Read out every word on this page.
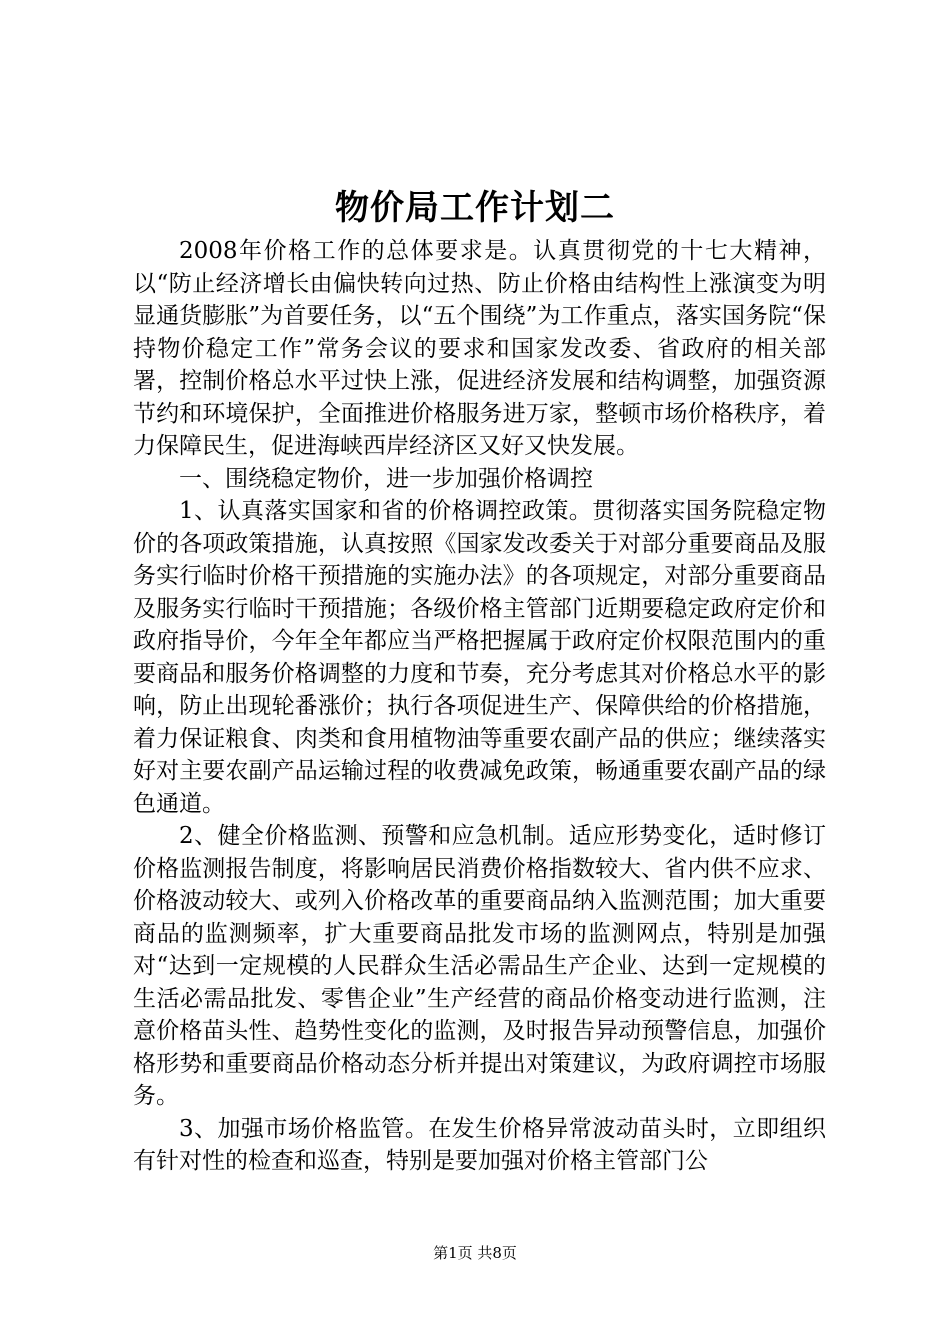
物价局工作计划二

2008年价格工作的总体要求是。认真贯彻党的十七大精神，以“防止经济增长由偏快转向过热、防止价格由结构性上涨演变为明显通货膨胀”为首要任务，以“五个围绕”为工作重点，落实国务院“保持物价稳定工作”常务会议的要求和国家发改委、省政府的相关部署，控制价格总水平过快上涨，促进经济发展和结构调整，加强资源节约和环境保护，全面推进价格服务进万家，整顿市场价格秩序，着力保障民生，促进海峡西岸经济区又好又快发展。

一、围绕稳定物价，进一步加强价格调控

1、认真落实国家和省的价格调控政策。贯彻落实国务院稳定物价的各项政策措施，认真按照《国家发改委关于对部分重要商品及服务实行临时价格干预措施的实施办法》的各项规定，对部分重要商品及服务实行临时干预措施；各级价格主管部门近期要稳定政府定价和政府指导价，今年全年都应当严格把握属于政府定价权限范围内的重要商品和服务价格调整的力度和节奏，充分考虑其对价格总水平的影响，防止出现轮番涨价；执行各项促进生产、保障供给的价格措施，着力保证粮食、肉类和食用植物油等重要农副产品的供应；继续落实好对主要农副产品运输过程的收费减免政策，畅通重要农副产品的绿色通道。

2、健全价格监测、预警和应急机制。适应形势变化，适时修订价格监测报告制度，将影响居民消费价格指数较大、省内供不应求、价格波动较大、或列入价格改革的重要商品纳入监测范围；加大重要商品的监测频率，扩大重要商品批发市场的监测网点，特别是加强对“达到一定规模的人民群众生活必需品生产企业、达到一定规模的生活必需品批发、零售企业”生产经营的商品价格变动进行监测，注意价格苗头性、趋势性变化的监测，及时报告异动预警信息，加强价格形势和重要商品价格动态分析并提出对策建议，为政府调控市场服务。

3、加强市场价格监管。在发生价格异常波动苗头时，立即组织有针对性的检查和巡查，特别是要加强对价格主管部门公

第1页 共8页
